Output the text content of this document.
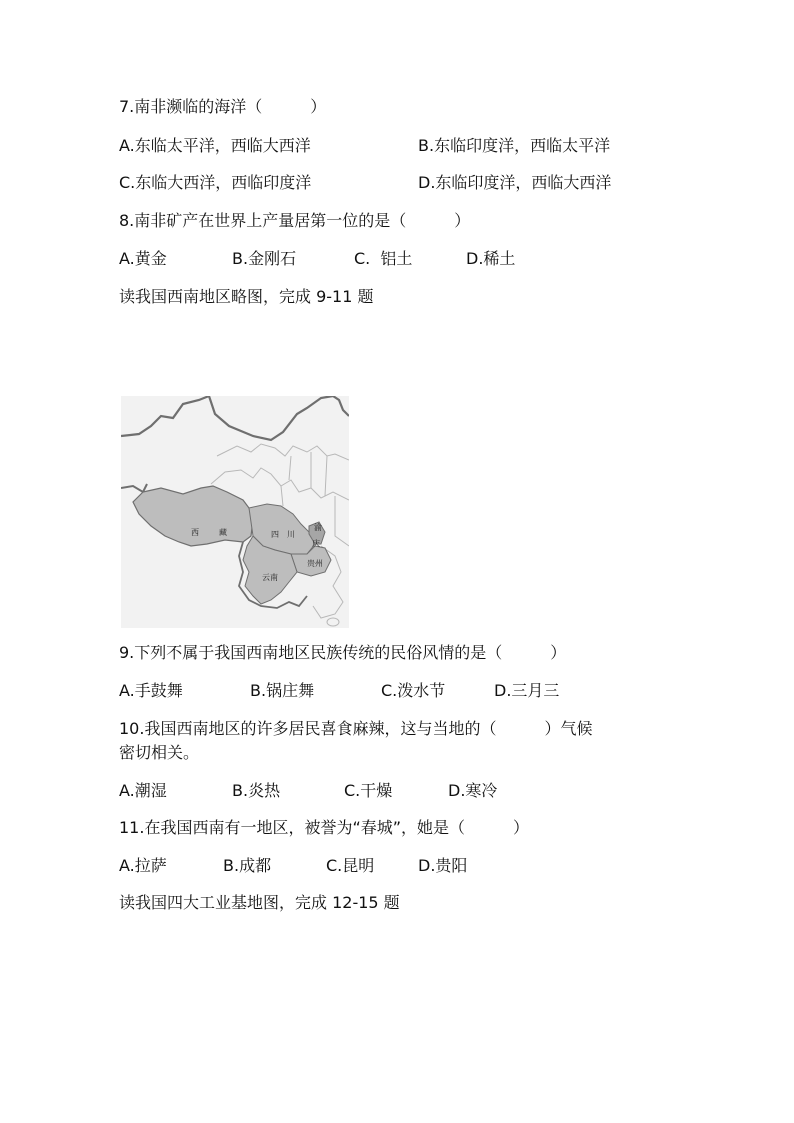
7.南非濒临的海洋（　　　）
A.东临太平洋，西临大西洋	B.东临印度洋，西临太平洋
C.东临大西洋，西临印度洋	D.东临印度洋，西临大西洋
8.南非矿产在世界上产量居第一位的是（　　　）
A.黄金	B.金刚石	C.  铝土	D.稀土
读我国西南地区略图，完成 9-11 题
西	藏	四 川
渝
庆
贵州
云南
9.下列不属于我国西南地区民族传统的民俗风情的是（　　　）
A.手鼓舞	B.锅庄舞	C.泼水节	D.三月三
10.我国西南地区的许多居民喜食麻辣，这与当地的（　　　）气候
密切相关。
A.潮湿	B.炎热	C.干燥	D.寒冷
11.在我国西南有一地区，被誉为“春城”，她是（　　　）
A.拉萨	B.成都	C.昆明	D.贵阳
读我国四大工业基地图，完成 12-15 题
